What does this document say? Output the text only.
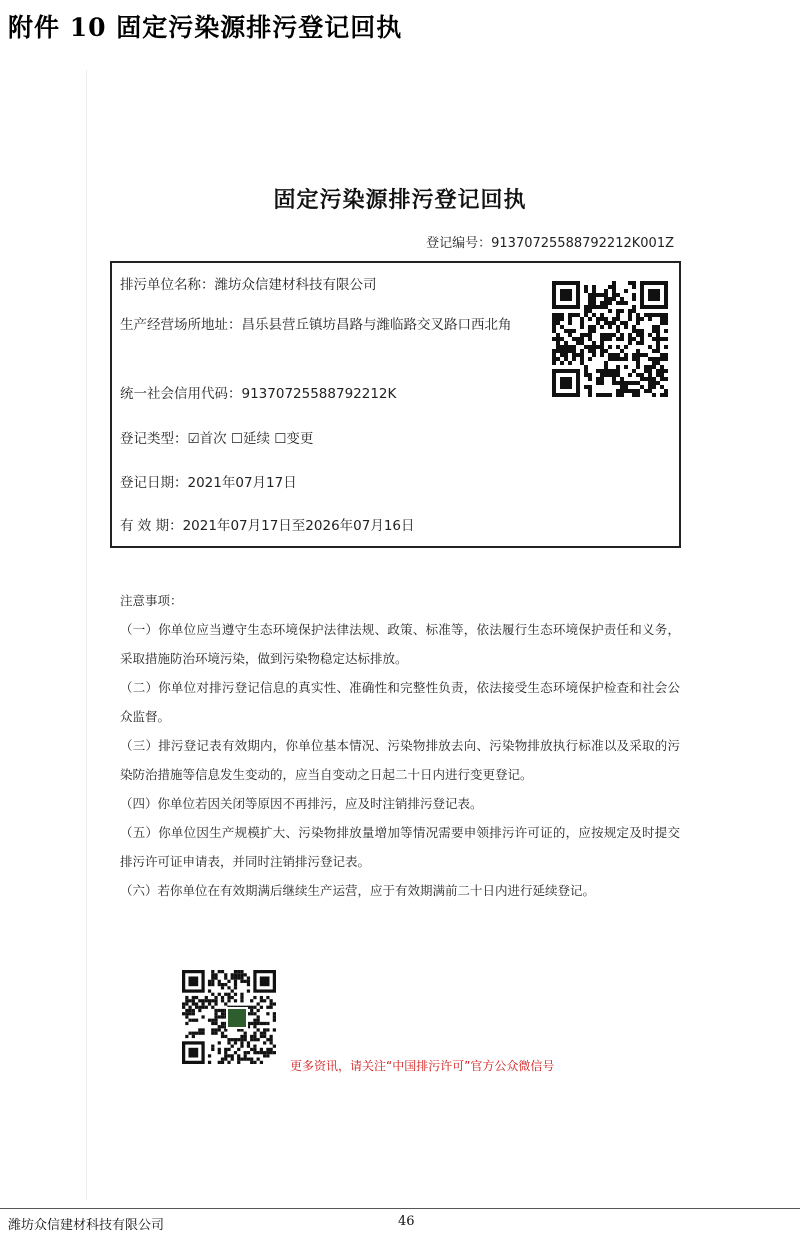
附件 10 固定污染源排污登记回执
固定污染源排污登记回执
登记编号：91370725588792212K001Z
排污单位名称：潍坊众信建材科技有限公司
生产经营场所地址：昌乐县营丘镇坊昌路与潍临路交叉路口西北角
统一社会信用代码：91370725588792212K
登记类型：☑首次 ☐延续 ☐变更
登记日期：2021年07月17日
有 效 期：2021年07月17日至2026年07月16日
注意事项：
（一）你单位应当遵守生态环境保护法律法规、政策、标准等，依法履行生态环境保护责任和义务，采取措施防治环境污染，做到污染物稳定达标排放。
（二）你单位对排污登记信息的真实性、准确性和完整性负责，依法接受生态环境保护检查和社会公众监督。
（三）排污登记表有效期内，你单位基本情况、污染物排放去向、污染物排放执行标准以及采取的污染防治措施等信息发生变动的，应当自变动之日起二十日内进行变更登记。
（四）你单位若因关闭等原因不再排污，应及时注销排污登记表。
（五）你单位因生产规模扩大、污染物排放量增加等情况需要申领排污许可证的，应按规定及时提交排污许可证申请表，并同时注销排污登记表。
（六）若你单位在有效期满后继续生产运营，应于有效期满前二十日内进行延续登记。
更多资讯，请关注“中国排污许可”官方公众微信号
潍坊众信建材科技有限公司	46
